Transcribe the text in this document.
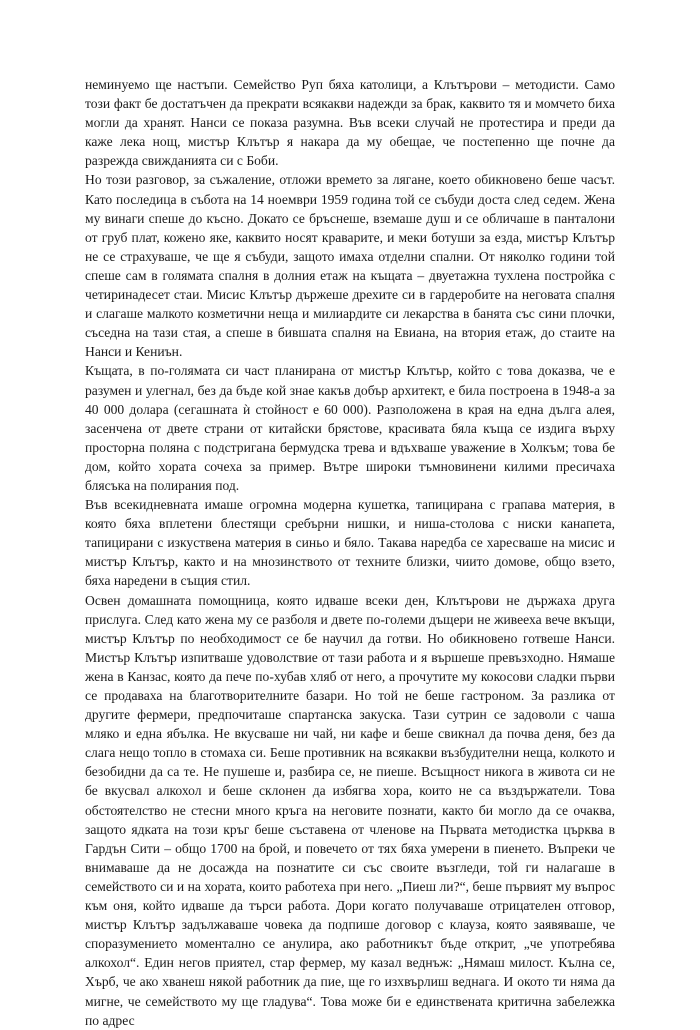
неминуемо ще настъпи. Семейство Руп бяха католици, а Клътърови – методисти. Само този факт бе достатъчен да прекрати всякакви надежди за брак, каквито тя и момчето биха могли да хранят. Нанси се показа разумна. Във всеки случай не протестира и преди да каже лека нощ, мистър Клътър я накара да му обещае, че постепенно ще почне да разрежда свижданията си с Боби.

Но този разговор, за съжаление, отложи времето за лягане, което обикновено беше часът. Като последица в събота на 14 ноември 1959 година той се събуди доста след седем. Жена му винаги спеше до късно. Докато се бръснеше, вземаше душ и се обличаше в панталони от груб плат, кожено яке, каквито носят краварите, и меки ботуши за езда, мистър Клътър не се страхуваше, че ще я събуди, защото имаха отделни спални. От няколко години той спеше сам в голямата спалня в долния етаж на къщата – двуетажна тухлена постройка с четиринадесет стаи. Мисис Клътър държеше дрехите си в гардеробите на неговата спалня и слагаше малкото козметични неща и милиардите си лекарства в банята със сини плочки, съседна на тази стая, а спеше в бившата спалня на Евиана, на втория етаж, до стаите на Нанси и Кениън.

Къщата, в по-голямата си част планирана от мистър Клътър, който с това доказва, че е разумен и улегнал, без да бъде кой знае какъв добър архитект, е била построена в 1948-а за 40 000 долара (сегашната ѝ стойност е 60 000). Разположена в края на една дълга алея, засенчена от двете страни от китайски брястове, красивата бяла къща се издига върху просторна поляна с подстригана бермудска трева и вдъхваше уважение в Холкъм; това бе дом, който хората сочеха за пример. Вътре широки тъмновинени килими пресичаха блясъка на полирания под.

Във всекидневната имаше огромна модерна кушетка, тапицирана с грапава материя, в която бяха вплетени блестящи сребърни нишки, и ниша-столова с ниски канапета, тапицирани с изкуствена материя в синьо и бяло. Такава наредба се харесваше на мисис и мистър Клътър, както и на мнозинството от техните близки, чиито домове, общо взето, бяха наредени в същия стил.

Освен домашната помощница, която идваше всеки ден, Клътърови не държаха друга прислуга. След като жена му се разболя и двете по-големи дъщери не живееха вече вкъщи, мистър Клътър по необходимост се бе научил да готви. Но обикновено готвеше Нанси. Мистър Клътър изпитваше удоволствие от тази работа и я вършеше превъзходно. Нямаше жена в Канзас, която да пече по-хубав хляб от него, а прочутите му кокосови сладки първи се продаваха на благотворителните базари. Но той не беше гастроном. За разлика от другите фермери, предпочиташе спартанска закуска. Тази сутрин се задоволи с чаша мляко и една ябълка. Не вкусваше ни чай, ни кафе и беше свикнал да почва деня, без да слага нещо топло в стомаха си. Беше противник на всякакви възбудителни неща, колкото и безобидни да са те. Не пушеше и, разбира се, не пиеше. Всъщност никога в живота си не бе вкусвал алкохол и беше склонен да избягва хора, които не са въздържатели. Това обстоятелство не стесни много кръга на неговите познати, както би могло да се очаква, защото ядката на този кръг беше съставена от членове на Първата методистка църква в Гардън Сити – общо 1700 на брой, и повечето от тях бяха умерени в пиенето. Въпреки че внимаваше да не досажда на познатите си със своите възгледи, той ги налагаше в семейството си и на хората, които работеха при него. „Пиеш ли?“, беше първият му въпрос към оня, който идваше да търси работа. Дори когато получаваше отрицателен отговор, мистър Клътър задължаваше човека да подпише договор с клауза, която заявяваше, че споразумението моментално се анулира, ако работникът бъде открит, „че употребява алкохол“. Един негов приятел, стар фермер, му казал веднъж: „Нямаш милост. Кълна се, Хърб, че ако хванеш някой работник да пие, ще го изхвърлиш веднага. И окото ти няма да мигне, че семейството му ще гладува“. Това може би е единствената критична забележка по адрес
